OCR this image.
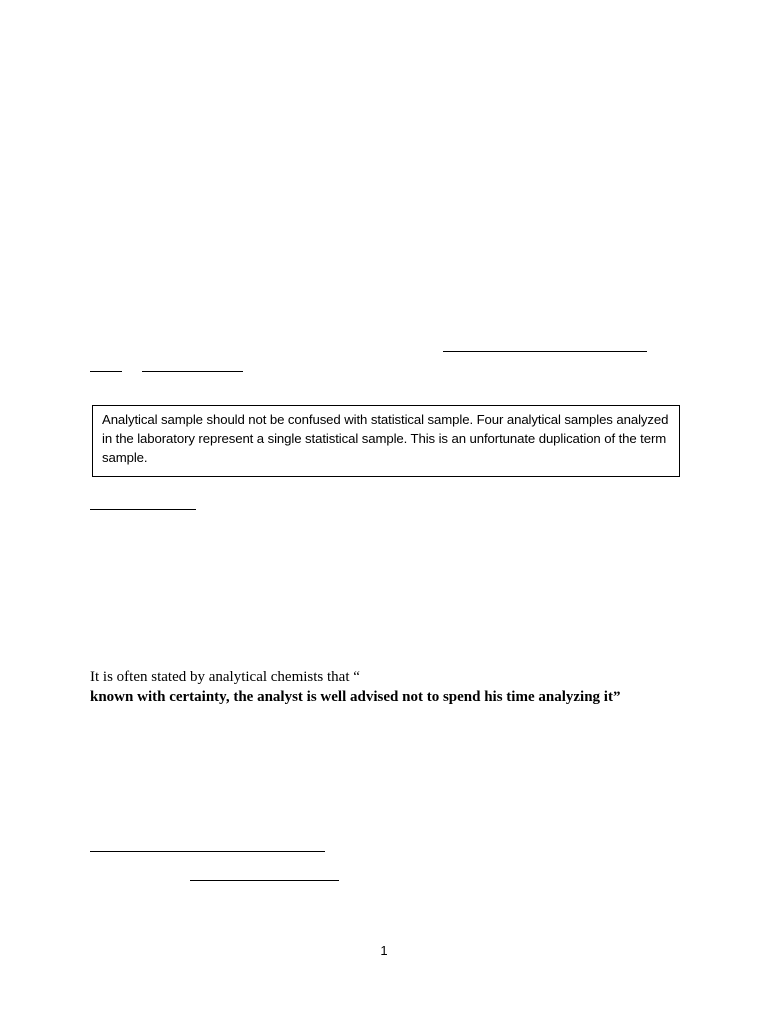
Analytical sample should not be confused with statistical sample. Four analytical samples analyzed in the laboratory represent a single statistical sample. This is an unfortunate duplication of the term sample.
It is often stated by analytical chemists that “
known with certainty, the analyst is well advised not to spend his time analyzing it”
1
